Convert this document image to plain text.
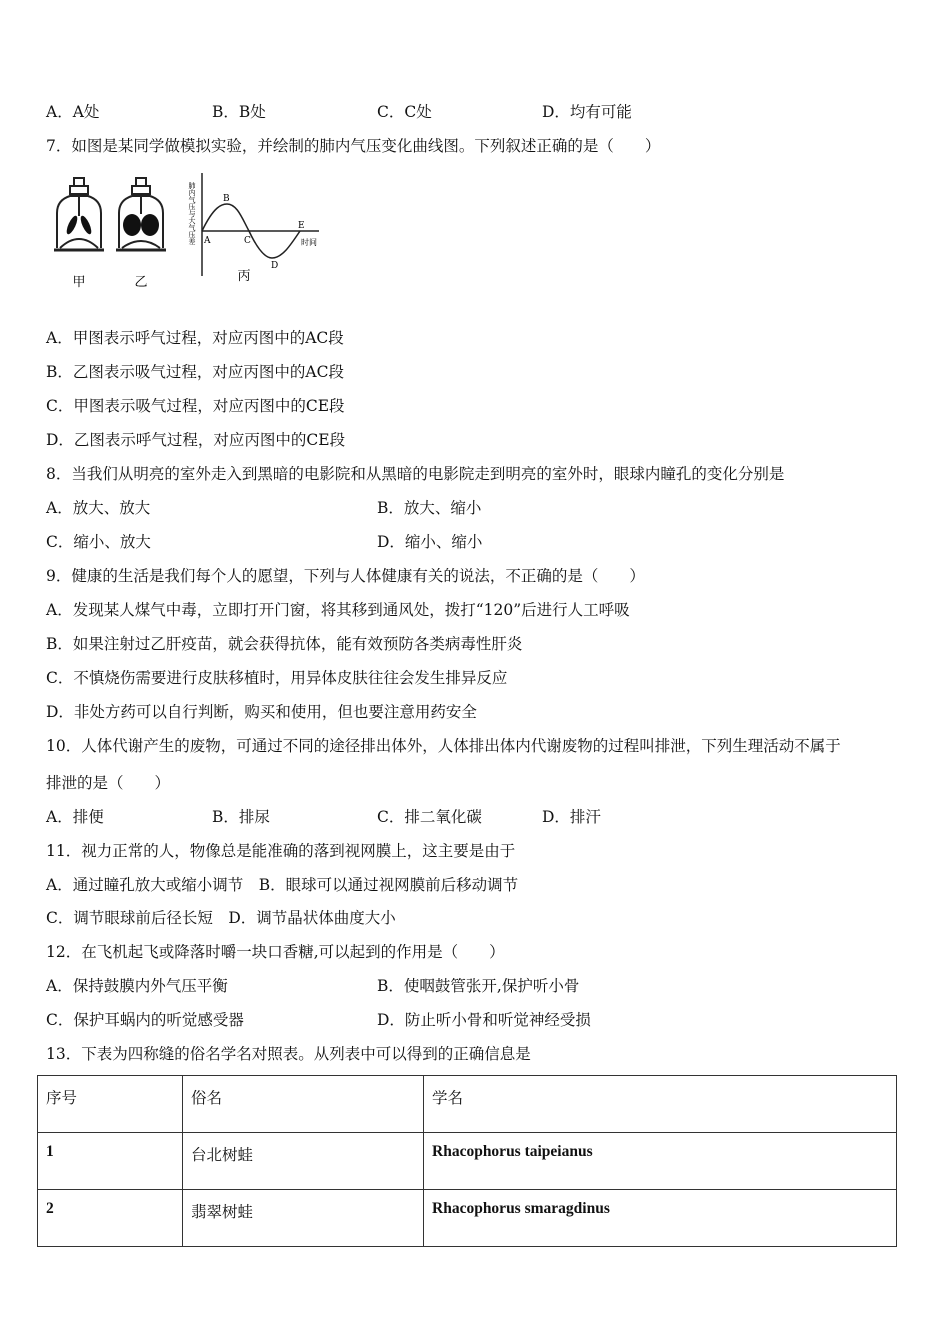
A．A处	B．B处	C．C处	D．均有可能
7．如图是某同学做模拟实验，并绘制的肺内气压变化曲线图。下列叙述正确的是（　　）
甲	乙
肺内气压与大气压差 A
B
C
D
E
时间
丙
A．甲图表示呼气过程，对应丙图中的AC段
B．乙图表示吸气过程，对应丙图中的AC段
C．甲图表示吸气过程，对应丙图中的CE段
D．乙图表示呼气过程，对应丙图中的CE段
8．当我们从明亮的室外走入到黑暗的电影院和从黑暗的电影院走到明亮的室外时，眼球内瞳孔的变化分别是
A．放大、放大	B．放大、缩小
C．缩小、放大	D．缩小、缩小
9．健康的生活是我们每个人的愿望，下列与人体健康有关的说法，不正确的是（　　）
A．发现某人煤气中毒，立即打开门窗，将其移到通风处，拨打“120”后进行人工呼吸
B．如果注射过乙肝疫苗，就会获得抗体，能有效预防各类病毒性肝炎
C．不慎烧伤需要进行皮肤移植时，用异体皮肤往往会发生排异反应
D．非处方药可以自行判断，购买和使用，但也要注意用药安全
10．人体代谢产生的废物，可通过不同的途径排出体外，人体排出体内代谢废物的过程叫排泄，下列生理活动不属于
排泄的是（　　）
A．排便	B．排尿	C．排二氧化碳	D．排汗
11．视力正常的人，物像总是能准确的落到视网膜上，这主要是由于
A．通过瞳孔放大或缩小调节　B．眼球可以通过视网膜前后移动调节
C．调节眼球前后径长短　D．调节晶状体曲度大小
12．在飞机起飞或降落时嚼一块口香糖,可以起到的作用是（　　）
A．保持鼓膜内外气压平衡	B．使咽鼓管张开,保护听小骨
C．保护耳蜗内的听觉感受器	D．防止听小骨和听觉神经受损
13．下表为四称缝的俗名学名对照表。从列表中可以得到的正确信息是
序号	俗名	学名
1	台北树蛙	Rhacophorus taipeianus
2	翡翠树蛙	Rhacophorus smaragdinus
